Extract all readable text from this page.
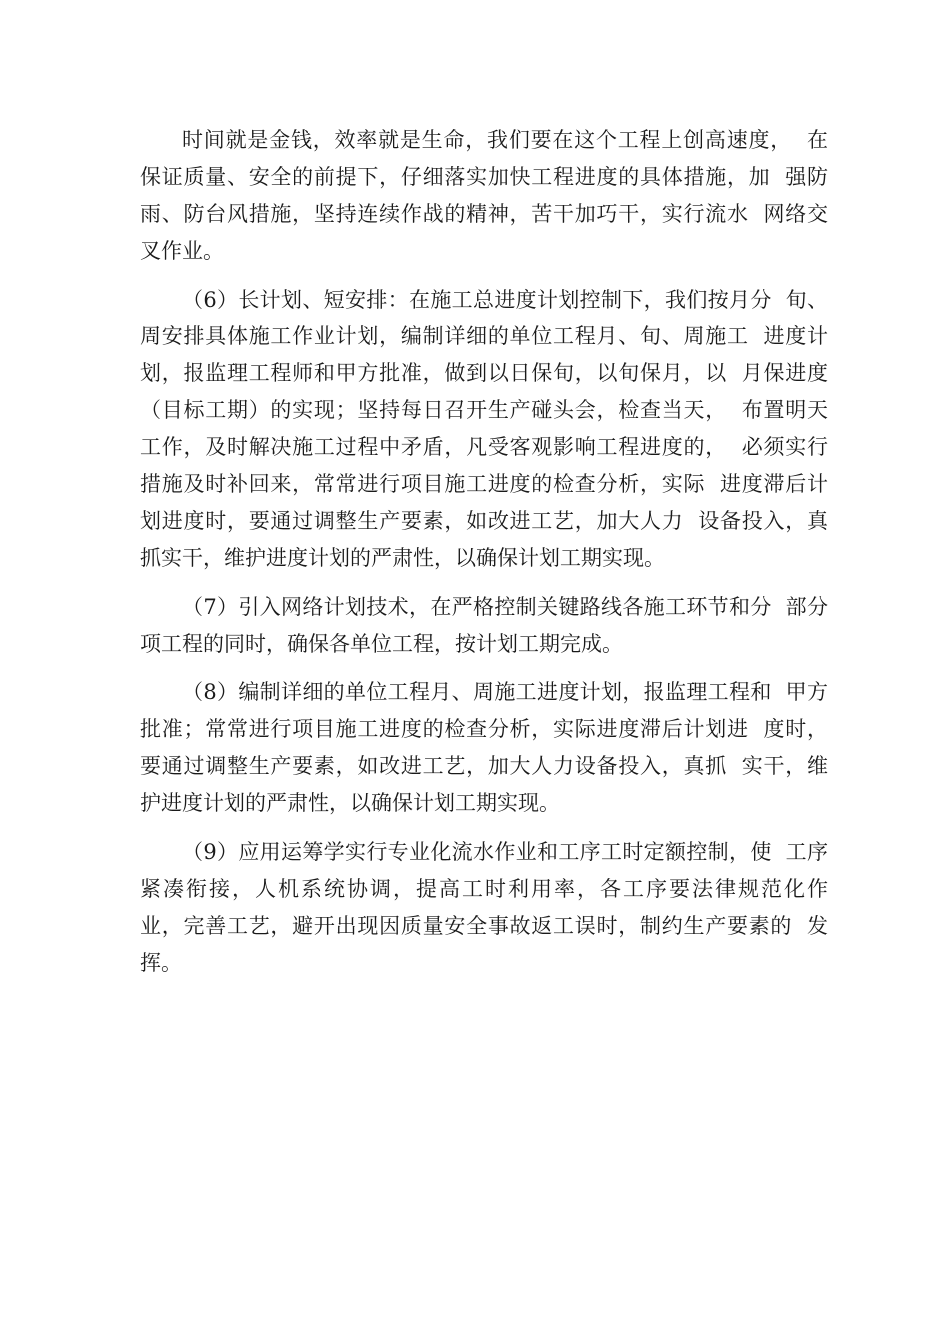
时间就是金钱，效率就是生命，我们要在这个工程上创高速度，  在
保证质量、安全的前提下，仔细落实加快工程进度的具体措施，加  强防
雨、防台风措施，坚持连续作战的精神，苦干加巧干，实行流水  网络交
叉作业。
（6）长计划、短安排：在施工总进度计划控制下，我们按月分  旬、
周安排具体施工作业计划，编制详细的单位工程月、旬、周施工  进度计
划，报监理工程师和甲方批准，做到以日保旬，以旬保月，以  月保进度
（目标工期）的实现；坚持每日召开生产碰头会，检查当天，  布置明天
工作，及时解决施工过程中矛盾，凡受客观影响工程进度的，  必须实行
措施及时补回来，常常进行项目施工进度的检查分析，实际  进度滞后计
划进度时，要通过调整生产要素，如改进工艺，加大人力  设备投入，真
抓实干，维护进度计划的严肃性，以确保计划工期实现。
（7）引入网络计划技术，在严格控制关键路线各施工环节和分  部分
项工程的同时，确保各单位工程，按计划工期完成。
（8）编制详细的单位工程月、周施工进度计划，报监理工程和  甲方
批准；常常进行项目施工进度的检查分析，实际进度滞后计划进  度时，
要通过调整生产要素，如改进工艺，加大人力设备投入，真抓  实干，维
护进度计划的严肃性，以确保计划工期实现。
（9）应用运筹学实行专业化流水作业和工序工时定额控制，使  工序
紧凑衔接，人机系统协调，提高工时利用率，各工序要法律规范化作
业，完善工艺，避开出现因质量安全事故返工误时，制约生产要素的  发
挥。
